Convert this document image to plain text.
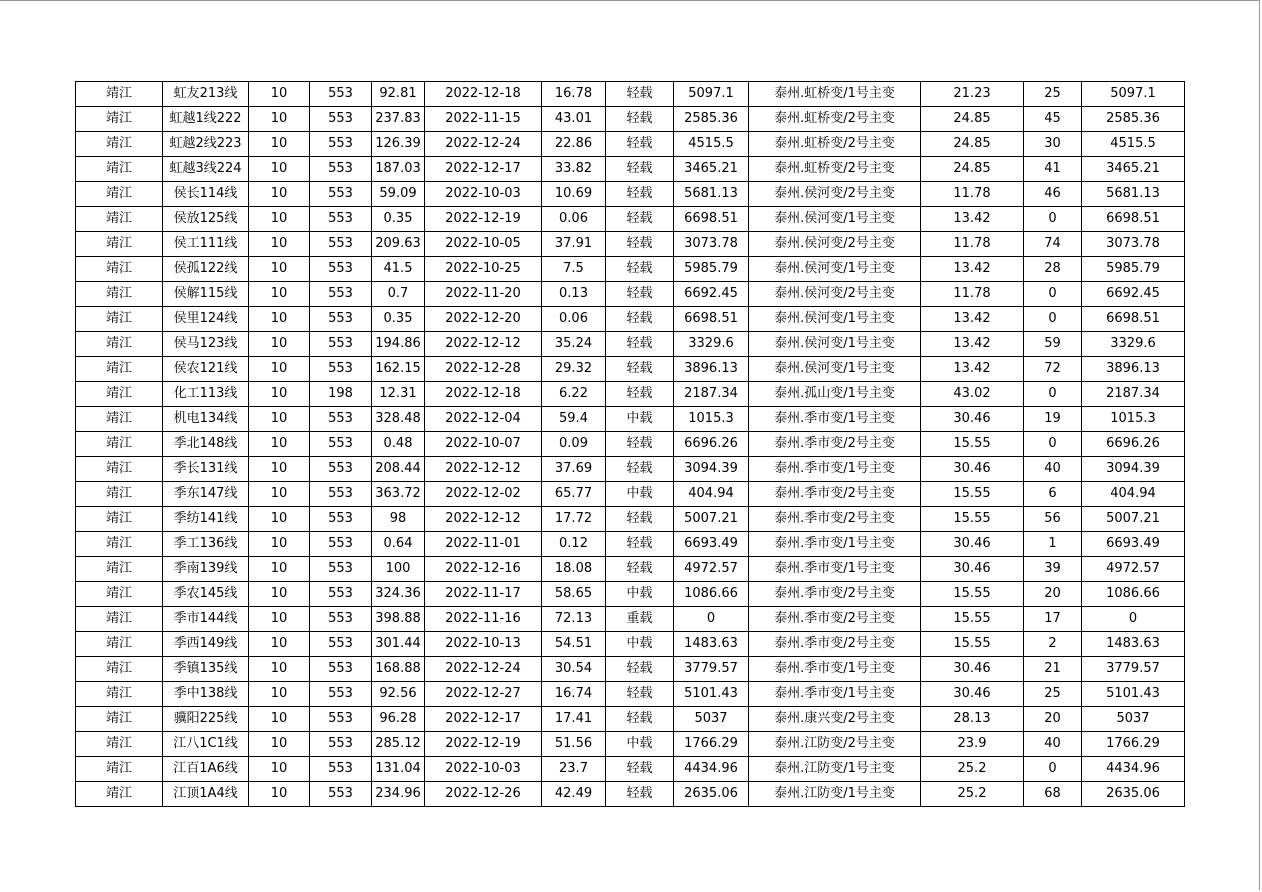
靖江	虹友213线	10	553	92.81	2022-12-18	16.78	轻载	5097.1	泰州.虹桥变/1号主变	21.23	25	5097.1
靖江	虹越1线222	10	553	237.83	2022-11-15	43.01	轻载	2585.36	泰州.虹桥变/2号主变	24.85	45	2585.36
靖江	虹越2线223	10	553	126.39	2022-12-24	22.86	轻载	4515.5	泰州.虹桥变/2号主变	24.85	30	4515.5
靖江	虹越3线224	10	553	187.03	2022-12-17	33.82	轻载	3465.21	泰州.虹桥变/2号主变	24.85	41	3465.21
靖江	侯长114线	10	553	59.09	2022-10-03	10.69	轻载	5681.13	泰州.侯河变/2号主变	11.78	46	5681.13
靖江	侯放125线	10	553	0.35	2022-12-19	0.06	轻载	6698.51	泰州.侯河变/1号主变	13.42	0	6698.51
靖江	侯工111线	10	553	209.63	2022-10-05	37.91	轻载	3073.78	泰州.侯河变/2号主变	11.78	74	3073.78
靖江	侯孤122线	10	553	41.5	2022-10-25	7.5	轻载	5985.79	泰州.侯河变/1号主变	13.42	28	5985.79
靖江	侯解115线	10	553	0.7	2022-11-20	0.13	轻载	6692.45	泰州.侯河变/2号主变	11.78	0	6692.45
靖江	侯里124线	10	553	0.35	2022-12-20	0.06	轻载	6698.51	泰州.侯河变/1号主变	13.42	0	6698.51
靖江	侯马123线	10	553	194.86	2022-12-12	35.24	轻载	3329.6	泰州.侯河变/1号主变	13.42	59	3329.6
靖江	侯农121线	10	553	162.15	2022-12-28	29.32	轻载	3896.13	泰州.侯河变/1号主变	13.42	72	3896.13
靖江	化工113线	10	198	12.31	2022-12-18	6.22	轻载	2187.34	泰州.孤山变/1号主变	43.02	0	2187.34
靖江	机电134线	10	553	328.48	2022-12-04	59.4	中载	1015.3	泰州.季市变/1号主变	30.46	19	1015.3
靖江	季北148线	10	553	0.48	2022-10-07	0.09	轻载	6696.26	泰州.季市变/2号主变	15.55	0	6696.26
靖江	季长131线	10	553	208.44	2022-12-12	37.69	轻载	3094.39	泰州.季市变/1号主变	30.46	40	3094.39
靖江	季东147线	10	553	363.72	2022-12-02	65.77	中载	404.94	泰州.季市变/2号主变	15.55	6	404.94
靖江	季纺141线	10	553	98	2022-12-12	17.72	轻载	5007.21	泰州.季市变/2号主变	15.55	56	5007.21
靖江	季工136线	10	553	0.64	2022-11-01	0.12	轻载	6693.49	泰州.季市变/1号主变	30.46	1	6693.49
靖江	季南139线	10	553	100	2022-12-16	18.08	轻载	4972.57	泰州.季市变/1号主变	30.46	39	4972.57
靖江	季农145线	10	553	324.36	2022-11-17	58.65	中载	1086.66	泰州.季市变/2号主变	15.55	20	1086.66
靖江	季市144线	10	553	398.88	2022-11-16	72.13	重载	0	泰州.季市变/2号主变	15.55	17	0
靖江	季西149线	10	553	301.44	2022-10-13	54.51	中载	1483.63	泰州.季市变/2号主变	15.55	2	1483.63
靖江	季镇135线	10	553	168.88	2022-12-24	30.54	轻载	3779.57	泰州.季市变/1号主变	30.46	21	3779.57
靖江	季中138线	10	553	92.56	2022-12-27	16.74	轻载	5101.43	泰州.季市变/1号主变	30.46	25	5101.43
靖江	骥阳225线	10	553	96.28	2022-12-17	17.41	轻载	5037	泰州.康兴变/2号主变	28.13	20	5037
靖江	江八1C1线	10	553	285.12	2022-12-19	51.56	中载	1766.29	泰州.江防变/2号主变	23.9	40	1766.29
靖江	江百1A6线	10	553	131.04	2022-10-03	23.7	轻载	4434.96	泰州.江防变/1号主变	25.2	0	4434.96
靖江	江顶1A4线	10	553	234.96	2022-12-26	42.49	轻载	2635.06	泰州.江防变/1号主变	25.2	68	2635.06
